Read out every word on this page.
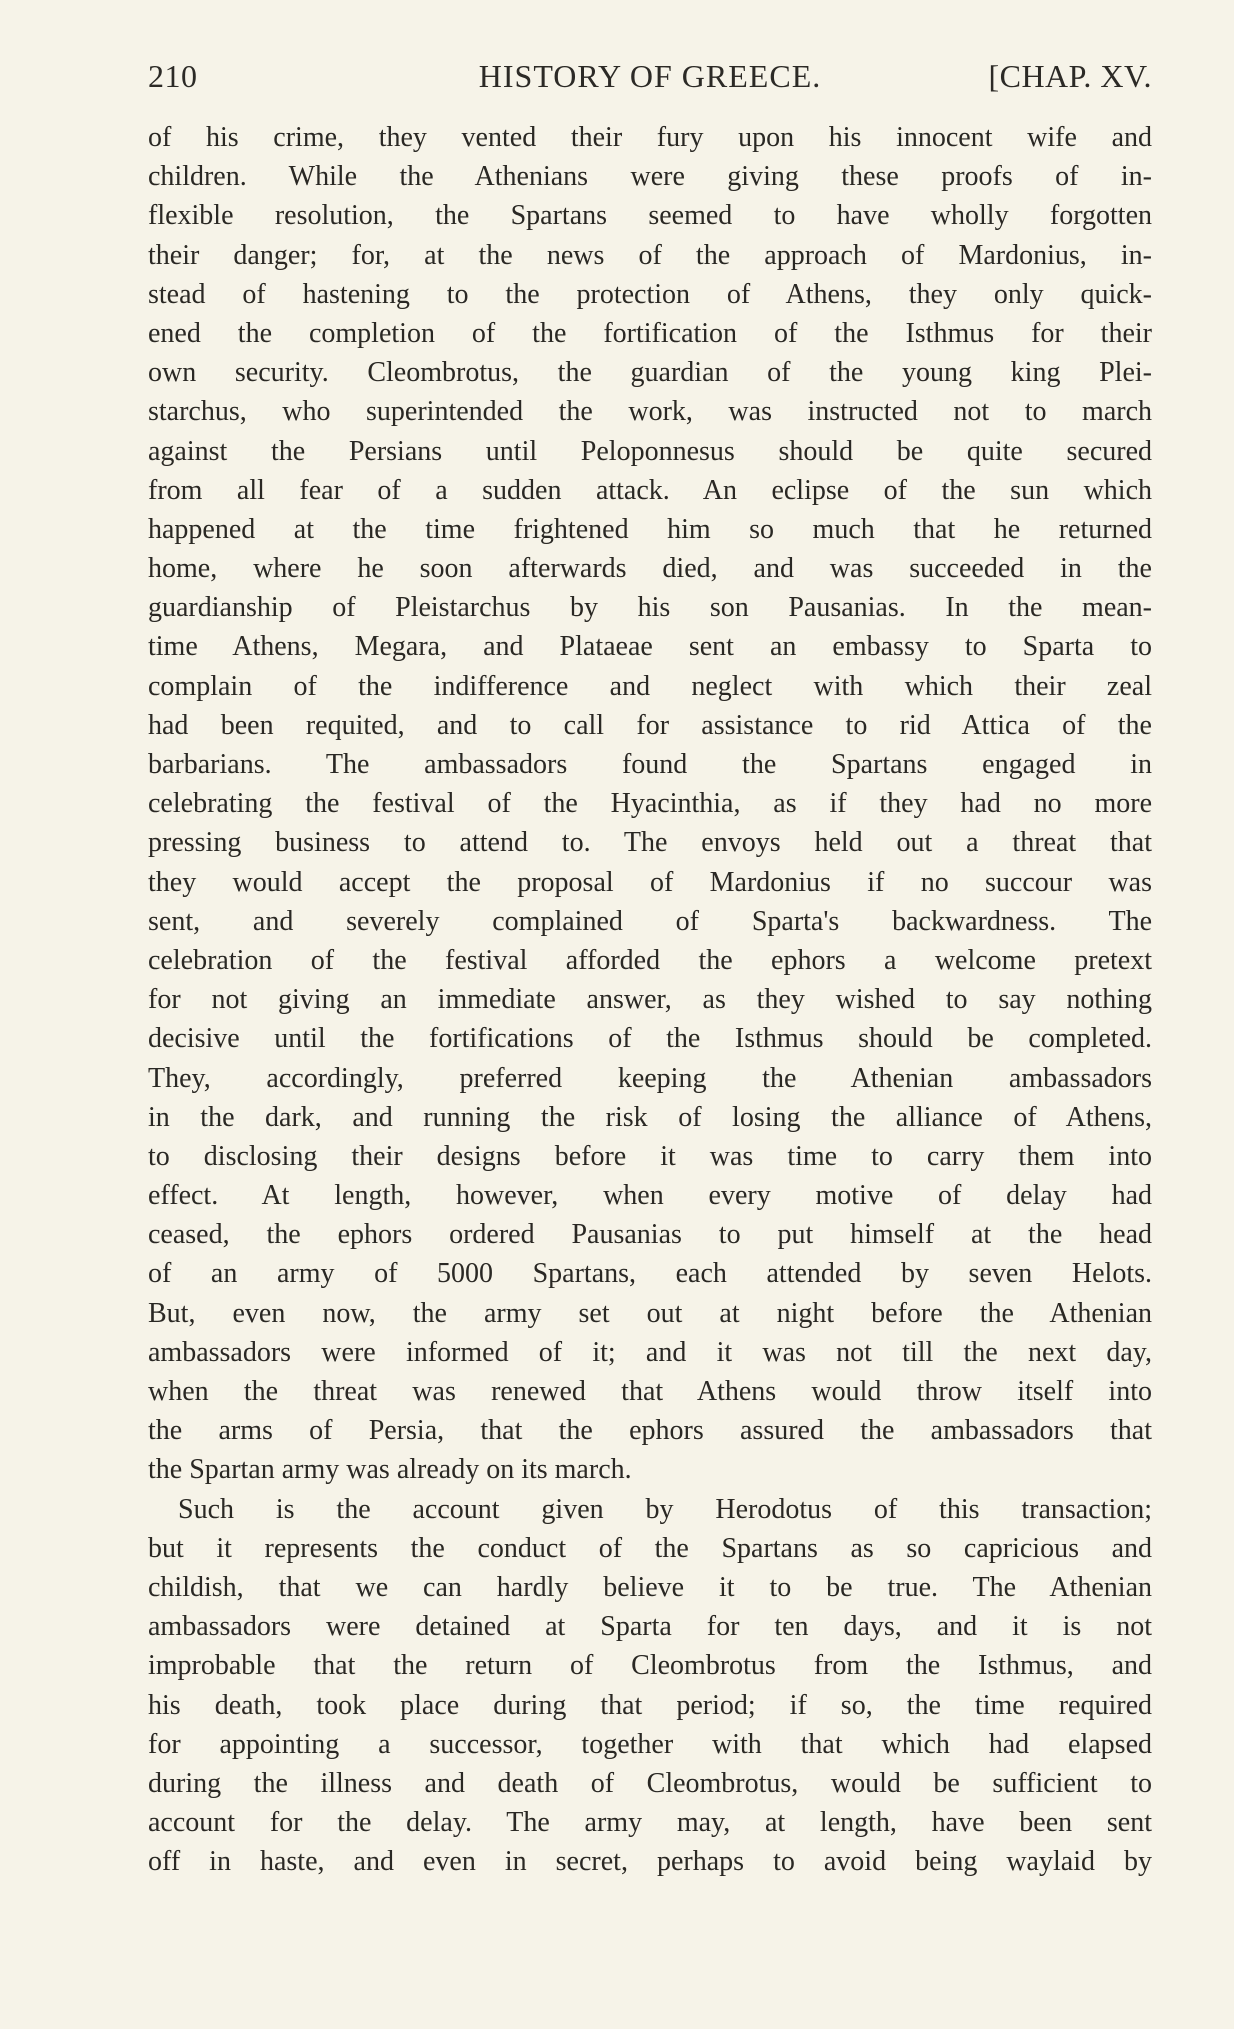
210	HISTORY OF GREECE.	[CHAP. XV.
of his crime, they vented their fury upon his innocent wife and
children. While the Athenians were giving these proofs of in-
flexible resolution, the Spartans seemed to have wholly forgotten
their danger; for, at the news of the approach of Mardonius, in-
stead of hastening to the protection of Athens, they only quick-
ened the completion of the fortification of the Isthmus for their
own security. Cleombrotus, the guardian of the young king Plei-
starchus, who superintended the work, was instructed not to march
against the Persians until Peloponnesus should be quite secured
from all fear of a sudden attack. An eclipse of the sun which
happened at the time frightened him so much that he returned
home, where he soon afterwards died, and was succeeded in the
guardianship of Pleistarchus by his son Pausanias. In the mean-
time Athens, Megara, and Plataeae sent an embassy to Sparta to
complain of the indifference and neglect with which their zeal
had been requited, and to call for assistance to rid Attica of the
barbarians. The ambassadors found the Spartans engaged in
celebrating the festival of the Hyacinthia, as if they had no more
pressing business to attend to. The envoys held out a threat that
they would accept the proposal of Mardonius if no succour was
sent, and severely complained of Sparta's backwardness. The
celebration of the festival afforded the ephors a welcome pretext
for not giving an immediate answer, as they wished to say nothing
decisive until the fortifications of the Isthmus should be completed.
They, accordingly, preferred keeping the Athenian ambassadors
in the dark, and running the risk of losing the alliance of Athens,
to disclosing their designs before it was time to carry them into
effect. At length, however, when every motive of delay had
ceased, the ephors ordered Pausanias to put himself at the head
of an army of 5000 Spartans, each attended by seven Helots.
But, even now, the army set out at night before the Athenian
ambassadors were informed of it; and it was not till the next day,
when the threat was renewed that Athens would throw itself into
the arms of Persia, that the ephors assured the ambassadors that
the Spartan army was already on its march.
Such is the account given by Herodotus of this transaction;
but it represents the conduct of the Spartans as so capricious and
childish, that we can hardly believe it to be true. The Athenian
ambassadors were detained at Sparta for ten days, and it is not
improbable that the return of Cleombrotus from the Isthmus, and
his death, took place during that period; if so, the time required
for appointing a successor, together with that which had elapsed
during the illness and death of Cleombrotus, would be sufficient to
account for the delay. The army may, at length, have been sent
off in haste, and even in secret, perhaps to avoid being waylaid by
